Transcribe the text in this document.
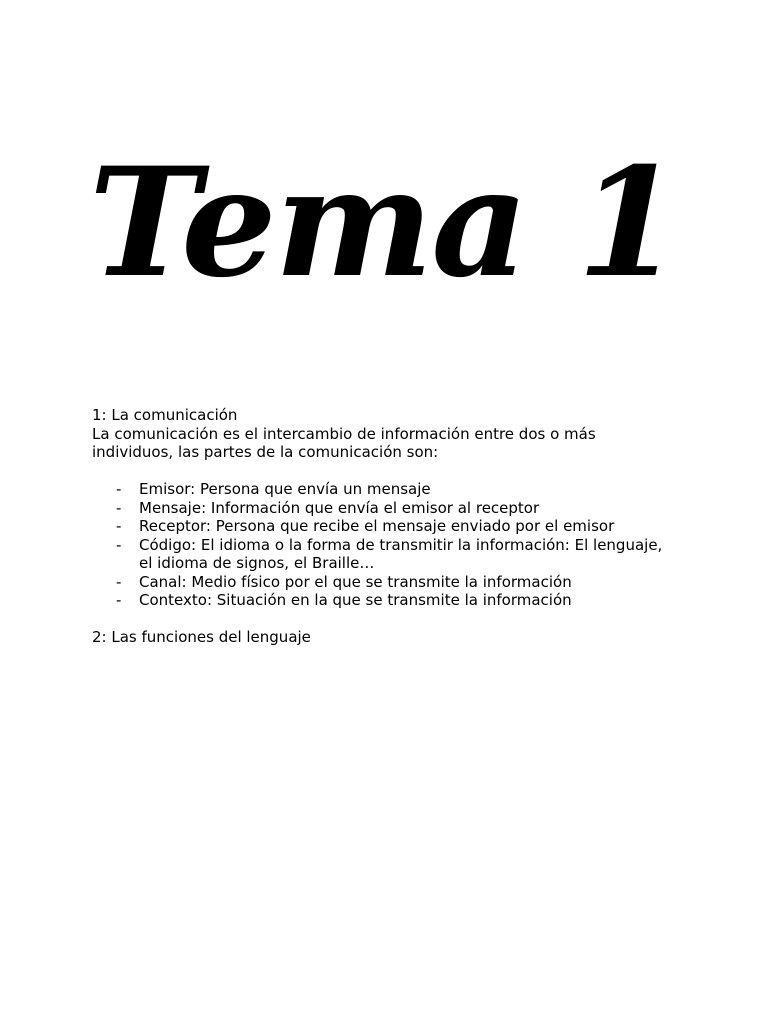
Tema 1

1: La comunicación

La comunicación es el intercambio de información entre dos o más individuos, las partes de la comunicación son:

- Emisor: Persona que envía un mensaje
- Mensaje: Información que envía el emisor al receptor
- Receptor: Persona que recibe el mensaje enviado por el emisor
- Código: El idioma o la forma de transmitir la información: El lenguaje, el idioma de signos, el Braille…
- Canal: Medio físico por el que se transmite la información
- Contexto: Situación en la que se transmite la información

2: Las funciones del lenguaje
